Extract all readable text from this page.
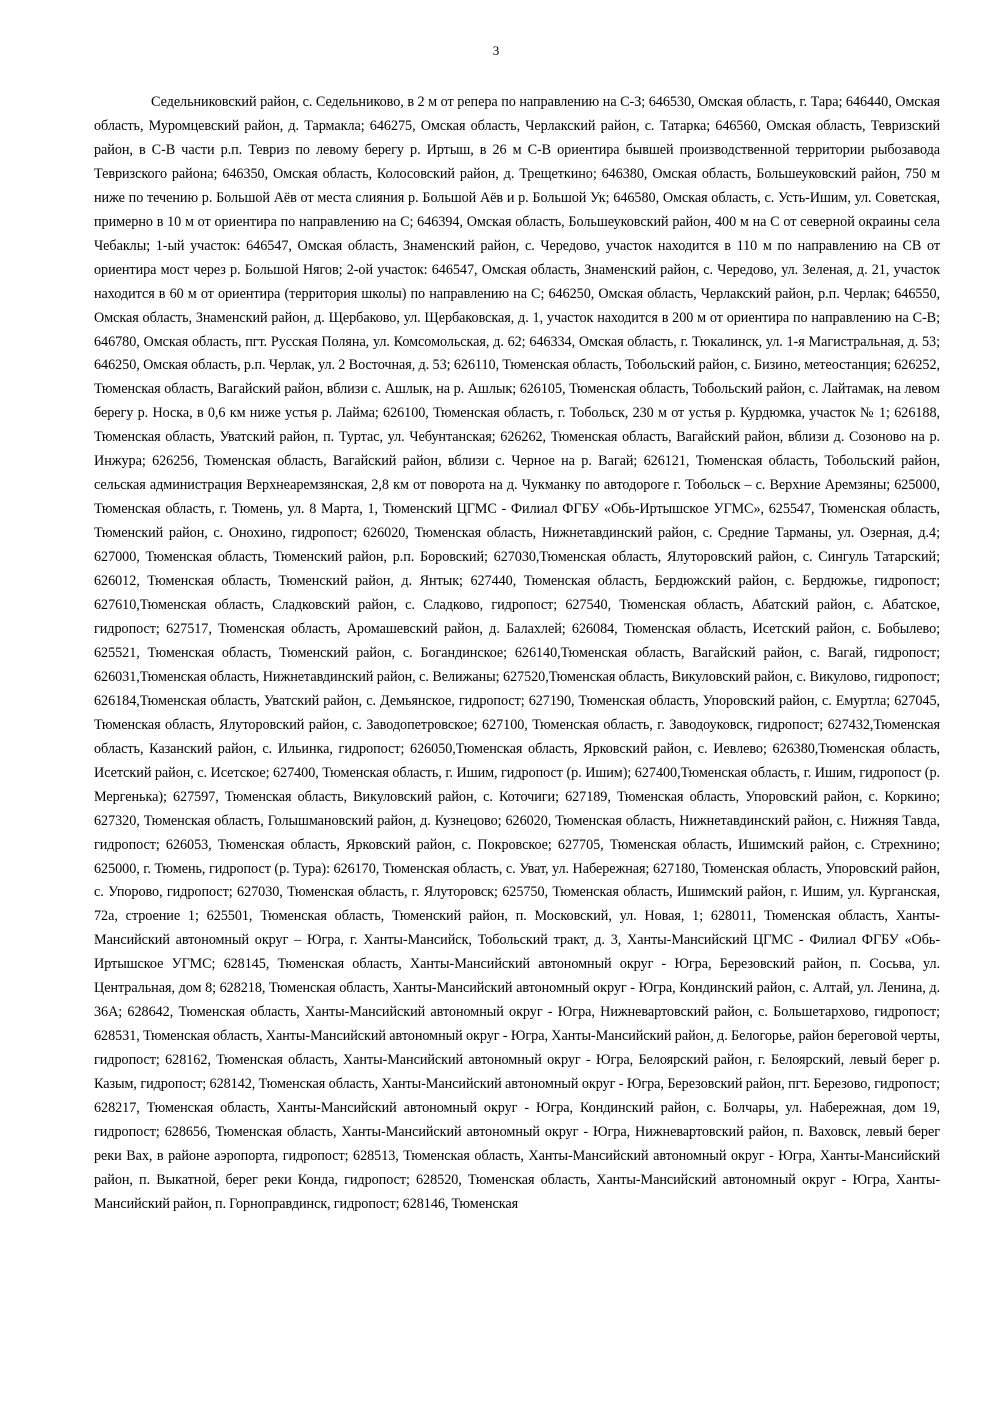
3

Седельниковский район, с. Седельниково, в 2 м от репера по направлению на С-З; 646530, Омская область, г. Тара; 646440, Омская область, Муромцевский район, д. Тармакла; 646275, Омская область, Черлакский район, с. Татарка; 646560, Омская область, Тевризский район, в С-В части р.п. Тевриз по левому берегу р. Иртыш, в 26 м С-В ориентира бывшей производственной территории рыбозавода Тевризского района; 646350, Омская область, Колосовский район, д. Трещеткино; 646380, Омская область, Большеуковский район, 750 м ниже по течению р. Большой Аёв от места слияния р. Большой Аёв и р. Большой Ук; 646580, Омская область, с. Усть-Ишим, ул. Советская, примерно в 10 м от ориентира по направлению на С; 646394, Омская область, Большеуковский район, 400 м на С от северной окраины села Чебаклы; 1-ый участок: 646547, Омская область, Знаменский район, с. Чередово, участок находится в 110 м по направлению на СВ от ориентира мост через р. Большой Нягов; 2-ой участок: 646547, Омская область, Знаменский район, с. Чередово, ул. Зеленая, д. 21, участок находится в 60 м от ориентира (территория школы) по направлению на С; 646250, Омская область, Черлакский район, р.п. Черлак; 646550, Омская область, Знаменский район, д. Щербаково, ул. Щербаковская, д. 1, участок находится в 200 м от ориентира по направлению на С-В; 646780, Омская область, пгт. Русская Поляна, ул. Комсомольская, д. 62; 646334, Омская область, г. Тюкалинск, ул. 1-я Магистральная, д. 53; 646250, Омская область, р.п. Черлак, ул. 2 Восточная, д. 53; 626110, Тюменская область, Тобольский район, с. Бизино, метеостанция; 626252, Тюменская область, Вагайский район, вблизи с. Ашлык, на р. Ашлык; 626105, Тюменская область, Тобольский район, с. Лайтамак, на левом берегу р. Носка, в 0,6 км ниже устья р. Лайма; 626100, Тюменская область, г. Тобольск, 230 м от устья р. Курдюмка, участок № 1; 626188, Тюменская область, Уватский район, п. Туртас, ул. Чебунтанская; 626262, Тюменская область, Вагайский район, вблизи д. Созоново на р. Инжура; 626256, Тюменская область, Вагайский район, вблизи с. Черное на р. Вагай; 626121, Тюменская область, Тобольский район, сельская администрация Верхнеаремзянская, 2,8 км от поворота на д. Чукманку по автодороге г. Тобольск – с. Верхние Аремзяны; 625000, Тюменская область, г. Тюмень, ул. 8 Марта, 1, Тюменский ЦГМС - Филиал ФГБУ «Обь-Иртышское УГМС», 625547, Тюменская область, Тюменский район, с. Онохино, гидропост; 626020, Тюменская область, Нижнетавдинский район, с. Средние Тарманы, ул. Озерная, д.4; 627000, Тюменская область, Тюменский район, р.п. Боровский; 627030,Тюменская область, Ялуторовский район, с. Сингуль Татарский; 626012, Тюменская область, Тюменский район, д. Янтык; 627440, Тюменская область, Бердюжский район, с. Бердюжье, гидропост; 627610,Тюменская область, Сладковский район, с. Сладково, гидропост; 627540, Тюменская область, Абатский район, с. Абатское, гидропост; 627517, Тюменская область, Аромашевский район, д. Балахлей; 626084, Тюменская область, Исетский район, с. Бобылево; 625521, Тюменская область, Тюменский район, с. Богандинское; 626140,Тюменская область, Вагайский район, с. Вагай, гидропост; 626031,Тюменская область, Нижнетавдинский район, с. Велижаны; 627520,Тюменская область, Викуловский район, с. Викулово, гидропост; 626184,Тюменская область, Уватский район, с. Демьянское, гидропост; 627190, Тюменская область, Упоровский район, с. Емуртла; 627045, Тюменская область, Ялуторовский район, с. Заводопетровское; 627100, Тюменская область, г. Заводоуковск, гидропост; 627432,Тюменская область, Казанский район, с. Ильинка, гидропост; 626050,Тюменская область, Ярковский район, с. Иевлево; 626380,Тюменская область, Исетский район, с. Исетское; 627400, Тюменская область, г. Ишим, гидропост (р. Ишим); 627400,Тюменская область, г. Ишим, гидропост (р. Мергенька); 627597, Тюменская область, Викуловский район, с. Коточиги; 627189, Тюменская область, Упоровский район, с. Коркино; 627320, Тюменская область, Голышмановский район, д. Кузнецово; 626020, Тюменская область, Нижнетавдинский район, с. Нижняя Тавда, гидропост; 626053, Тюменская область, Ярковский район, с. Покровское; 627705, Тюменская область, Ишимский район, с. Стрехнино; 625000, г. Тюмень, гидропост (р. Тура): 626170, Тюменская область, с. Уват, ул. Набережная; 627180, Тюменская область, Упоровский район, с. Упорово, гидропост; 627030, Тюменская область, г. Ялуторовск; 625750, Тюменская область, Ишимский район, г. Ишим, ул. Курганская, 72а, строение 1; 625501, Тюменская область, Тюменский район, п. Московский, ул. Новая, 1; 628011, Тюменская область, Ханты-Мансийский автономный округ – Югра, г. Ханты-Мансийск, Тобольский тракт, д. 3, Ханты-Мансийский ЦГМС - Филиал ФГБУ «Обь-Иртышское УГМС; 628145, Тюменская область, Ханты-Мансийский автономный округ - Югра, Березовский район, п. Сосьва, ул. Центральная, дом 8; 628218, Тюменская область, Ханты-Мансийский автономный округ - Югра, Кондинский район, с. Алтай, ул. Ленина, д. 36А; 628642, Тюменская область, Ханты-Мансийский автономный округ - Югра, Нижневартовский район, с. Большетархово, гидропост; 628531, Тюменская область, Ханты-Мансийский автономный округ - Югра, Ханты-Мансийский район, д. Белогорье, район береговой черты, гидропост; 628162, Тюменская область, Ханты-Мансийский автономный округ - Югра, Белоярский район, г. Белоярский, левый берег р. Казым, гидропост; 628142, Тюменская область, Ханты-Мансийский автономный округ - Югра, Березовский район, пгт. Березово, гидропост; 628217, Тюменская область, Ханты-Мансийский автономный округ - Югра, Кондинский район, с. Болчары, ул. Набережная, дом 19, гидропост; 628656, Тюменская область, Ханты-Мансийский автономный округ - Югра, Нижневартовский район, п. Ваховск, левый берег реки Вах, в районе аэропорта, гидропост; 628513, Тюменская область, Ханты-Мансийский автономный округ - Югра, Ханты-Мансийский район, п. Выкатной, берег реки Конда, гидропост; 628520, Тюменская область, Ханты-Мансийский автономный округ - Югра, Ханты-Мансийский район, п. Горноправдинск, гидропост; 628146, Тюменская
